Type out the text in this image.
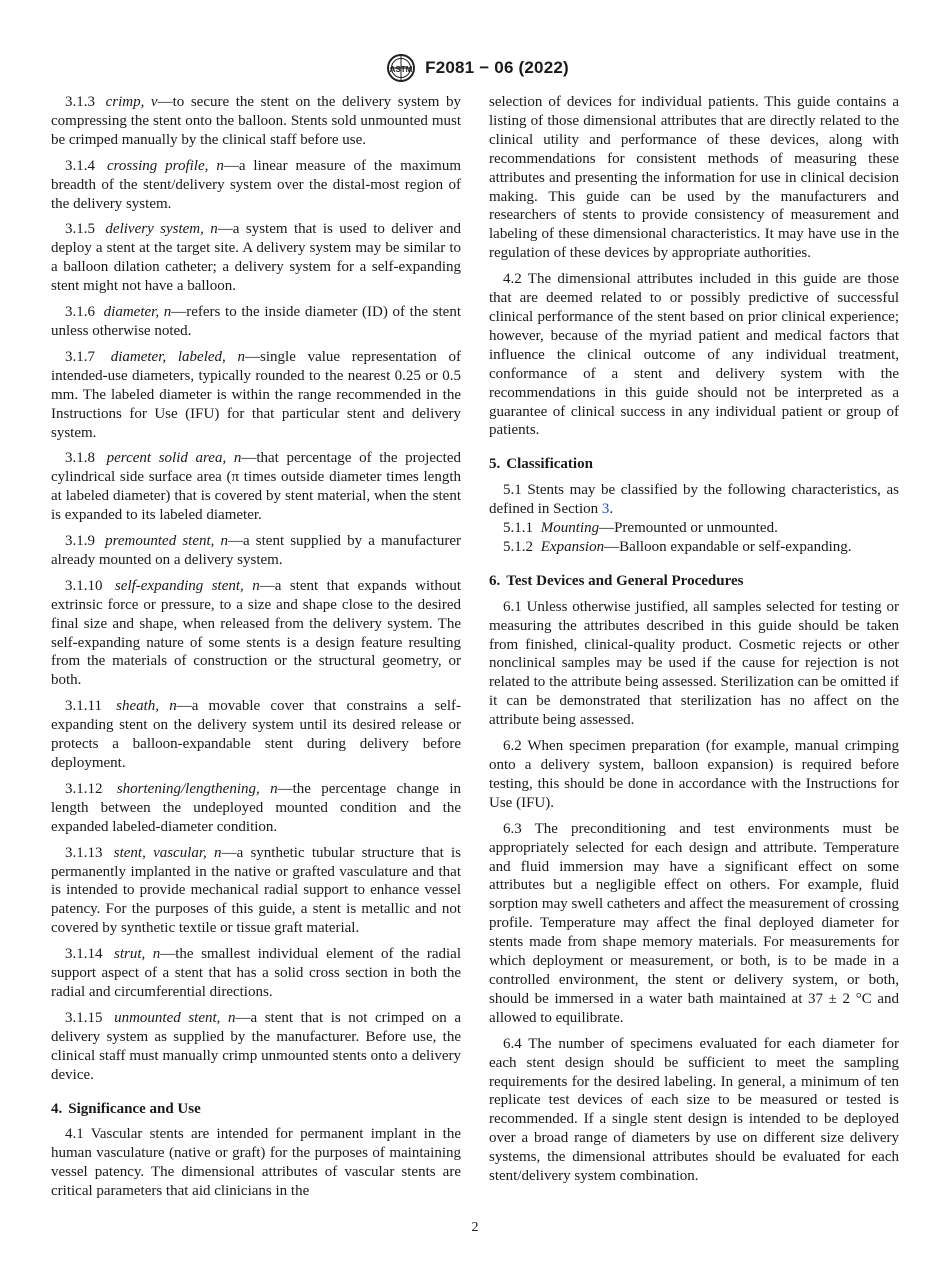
ASTM F2081 − 06 (2022)

3.1.3 crimp, v—to secure the stent on the delivery system by compressing the stent onto the balloon. Stents sold unmounted must be crimped manually by the clinical staff before use.

3.1.4 crossing profile, n—a linear measure of the maximum breadth of the stent/delivery system over the distal-most region of the delivery system.

3.1.5 delivery system, n—a system that is used to deliver and deploy a stent at the target site. A delivery system may be similar to a balloon dilation catheter; a delivery system for a self-expanding stent might not have a balloon.

3.1.6 diameter, n—refers to the inside diameter (ID) of the stent unless otherwise noted.

3.1.7 diameter, labeled, n—single value representation of intended-use diameters, typically rounded to the nearest 0.25 or 0.5 mm. The labeled diameter is within the range recommended in the Instructions for Use (IFU) for that particular stent and delivery system.

3.1.8 percent solid area, n—that percentage of the projected cylindrical side surface area (π times outside diameter times length at labeled diameter) that is covered by stent material, when the stent is expanded to its labeled diameter.

3.1.9 premounted stent, n—a stent supplied by a manufacturer already mounted on a delivery system.

3.1.10 self-expanding stent, n—a stent that expands without extrinsic force or pressure, to a size and shape close to the desired final size and shape, when released from the delivery system. The self-expanding nature of some stents is a design feature resulting from the materials of construction or the structural geometry, or both.

3.1.11 sheath, n—a movable cover that constrains a self-expanding stent on the delivery system until its desired release or protects a balloon-expandable stent during delivery before deployment.

3.1.12 shortening/lengthening, n—the percentage change in length between the undeployed mounted condition and the expanded labeled-diameter condition.

3.1.13 stent, vascular, n—a synthetic tubular structure that is permanently implanted in the native or grafted vasculature and that is intended to provide mechanical radial support to enhance vessel patency. For the purposes of this guide, a stent is metallic and not covered by synthetic textile or tissue graft material.

3.1.14 strut, n—the smallest individual element of the radial support aspect of a stent that has a solid cross section in both the radial and circumferential directions.

3.1.15 unmounted stent, n—a stent that is not crimped on a delivery system as supplied by the manufacturer. Before use, the clinical staff must manually crimp unmounted stents onto a delivery device.

4. Significance and Use

4.1 Vascular stents are intended for permanent implant in the human vasculature (native or graft) for the purposes of maintaining vessel patency. The dimensional attributes of vascular stents are critical parameters that aid clinicians in the

selection of devices for individual patients. This guide contains a listing of those dimensional attributes that are directly related to the clinical utility and performance of these devices, along with recommendations for consistent methods of measuring these attributes and presenting the information for use in clinical decision making. This guide can be used by the manufacturers and researchers of stents to provide consistency of measurement and labeling of these dimensional characteristics. It may have use in the regulation of these devices by appropriate authorities.

4.2 The dimensional attributes included in this guide are those that are deemed related to or possibly predictive of successful clinical performance of the stent based on prior clinical experience; however, because of the myriad patient and medical factors that influence the clinical outcome of any individual treatment, conformance of a stent and delivery system with the recommendations in this guide should not be interpreted as a guarantee of clinical success in any individual patient or group of patients.

5. Classification

5.1 Stents may be classified by the following characteristics, as defined in Section 3.

5.1.1 Mounting—Premounted or unmounted.

5.1.2 Expansion—Balloon expandable or self-expanding.

6. Test Devices and General Procedures

6.1 Unless otherwise justified, all samples selected for testing or measuring the attributes described in this guide should be taken from finished, clinical-quality product. Cosmetic rejects or other nonclinical samples may be used if the cause for rejection is not related to the attribute being assessed. Sterilization can be omitted if it can be demonstrated that sterilization has no affect on the attribute being assessed.

6.2 When specimen preparation (for example, manual crimping onto a delivery system, balloon expansion) is required before testing, this should be done in accordance with the Instructions for Use (IFU).

6.3 The preconditioning and test environments must be appropriately selected for each design and attribute. Temperature and fluid immersion may have a significant effect on some attributes but a negligible effect on others. For example, fluid sorption may swell catheters and affect the measurement of crossing profile. Temperature may affect the final deployed diameter for stents made from shape memory materials. For measurements for which deployment or measurement, or both, is to be made in a controlled environment, the stent or delivery system, or both, should be immersed in a water bath maintained at 37 ± 2 °C and allowed to equilibrate.

6.4 The number of specimens evaluated for each diameter for each stent design should be sufficient to meet the sampling requirements for the desired labeling. In general, a minimum of ten replicate test devices of each size to be measured or tested is recommended. If a single stent design is intended to be deployed over a broad range of diameters by use on different size delivery systems, the dimensional attributes should be evaluated for each stent/delivery system combination.

2
